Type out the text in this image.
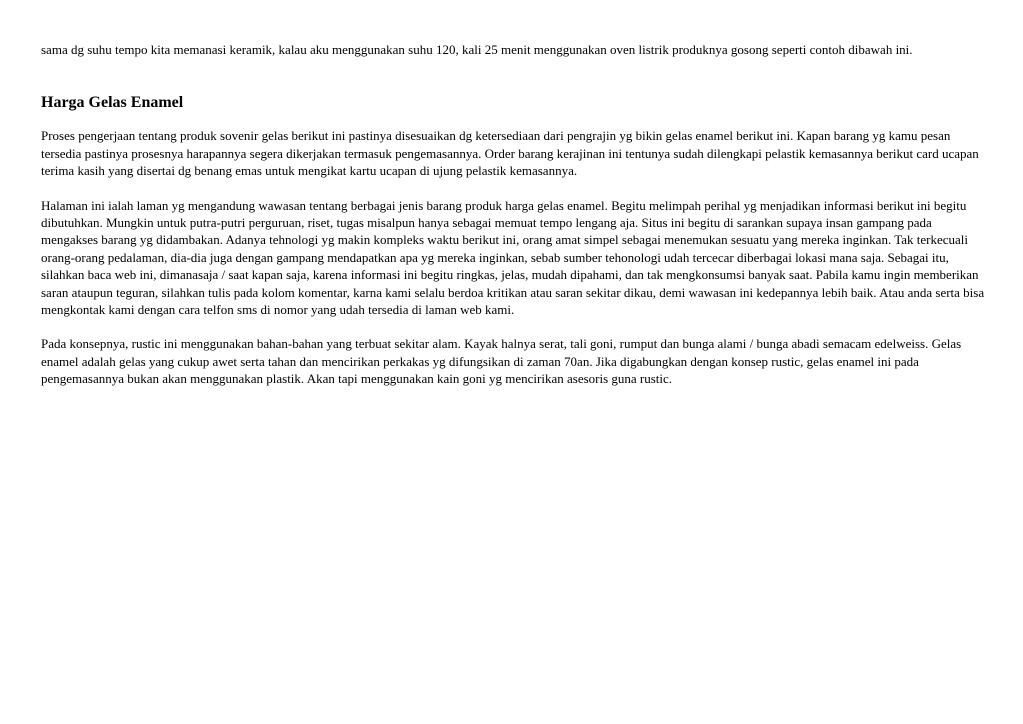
sama dg suhu tempo kita memanasi keramik, kalau aku menggunakan suhu 120, kali 25 menit menggunakan oven listrik produknya gosong seperti contoh dibawah ini.

Harga Gelas Enamel

Proses pengerjaan tentang produk sovenir gelas berikut ini pastinya disesuaikan dg ketersediaan dari pengrajin yg bikin gelas enamel berikut ini. Kapan barang yg kamu pesan tersedia pastinya prosesnya harapannya segera dikerjakan termasuk pengemasannya. Order barang kerajinan ini tentunya sudah dilengkapi pelastik kemasannya berikut card ucapan terima kasih yang disertai dg benang emas untuk mengikat kartu ucapan di ujung pelastik kemasannya.

Halaman ini ialah laman yg mengandung wawasan tentang berbagai jenis barang produk harga gelas enamel. Begitu melimpah perihal yg menjadikan informasi berikut ini begitu dibutuhkan. Mungkin untuk putra-putri perguruan, riset, tugas misalpun hanya sebagai memuat tempo lengang aja. Situs ini begitu di sarankan supaya insan gampang pada mengakses barang yg didambakan. Adanya tehnologi yg makin kompleks waktu berikut ini, orang amat simpel sebagai menemukan sesuatu yang mereka inginkan. Tak terkecuali orang-orang pedalaman, dia-dia juga dengan gampang mendapatkan apa yg mereka inginkan, sebab sumber tehonologi udah tercecar diberbagai lokasi mana saja. Sebagai itu, silahkan baca web ini, dimanasaja / saat kapan saja, karena informasi ini begitu ringkas, jelas, mudah dipahami, dan tak mengkonsumsi banyak saat. Pabila kamu ingin memberikan saran ataupun teguran, silahkan tulis pada kolom komentar, karna kami selalu berdoa kritikan atau saran sekitar dikau, demi wawasan ini kedepannya lebih baik. Atau anda serta bisa mengkontak kami dengan cara telfon sms di nomor yang udah tersedia di laman web kami.

Pada konsepnya, rustic ini menggunakan bahan-bahan yang terbuat sekitar alam. Kayak halnya serat, tali goni, rumput dan bunga alami / bunga abadi semacam edelweiss. Gelas enamel adalah gelas yang cukup awet serta tahan dan mencirikan perkakas yg difungsikan di zaman 70an. Jika digabungkan dengan konsep rustic, gelas enamel ini pada pengemasannya bukan akan menggunakan plastik. Akan tapi menggunakan kain goni yg mencirikan asesoris guna rustic.
